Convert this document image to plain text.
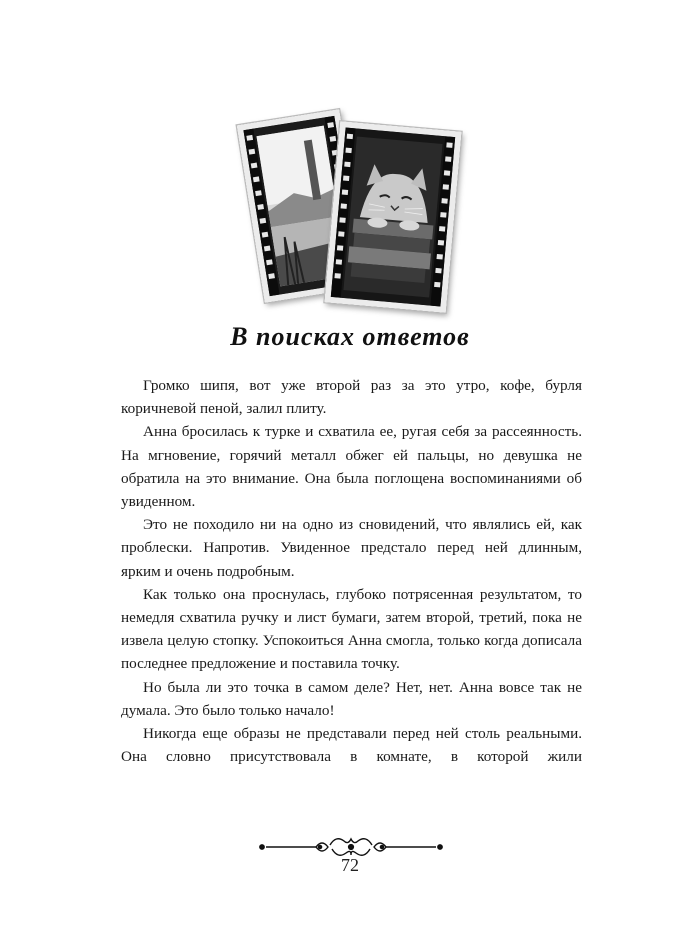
В поисках ответов

Громко шипя, вот уже второй раз за это утро, кофе, бурля коричневой пеной, залил плиту.

Анна бросилась к турке и схватила ее, ругая себя за рассеянность. На мгновение, горячий металл обжег ей пальцы, но девушка не обратила на это внимание. Она была поглощена воспоминаниями об увиденном.

Это не походило ни на одно из сновидений, что являлись ей, как проблески. Напротив. Увиденное предстало перед ней длинным, ярким и очень подробным.

Как только она проснулась, глубоко потрясенная результатом, то немедля схватила ручку и лист бумаги, затем второй, третий, пока не извела целую стопку. Успокоиться Анна смогла, только когда дописала последнее предложение и поставила точку.

Но была ли это точка в самом деле? Нет, нет. Анна вовсе так не думала. Это было только начало!

Никогда еще образы не представали перед ней столь реальными. Она словно присутствовала в комнате, в которой жили

72
